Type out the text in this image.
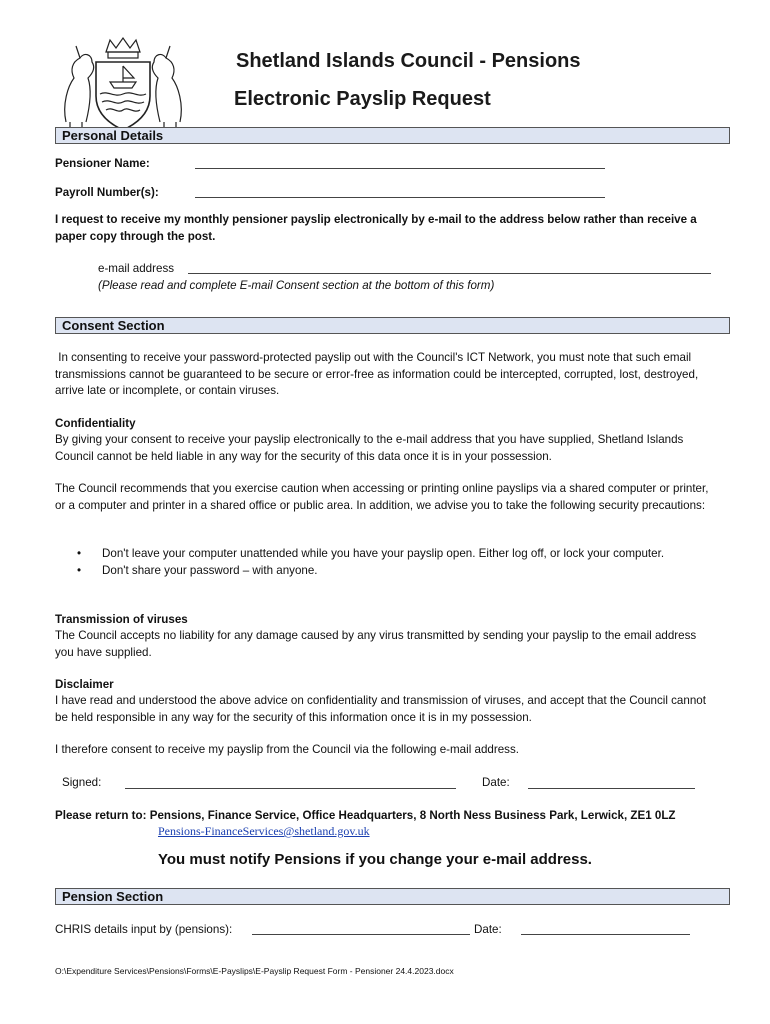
Shetland Islands Council - Pensions
Electronic Payslip Request
Personal Details
Pensioner Name:
Payroll Number(s):
I request to receive my monthly pensioner payslip electronically by e-mail to the address below rather than receive a paper copy through the post.
e-mail address
(Please read and complete E-mail Consent section at the bottom of this form)
Consent Section
In consenting to receive your password-protected payslip out with the Council's ICT Network, you must note that such email transmissions cannot be guaranteed to be secure or error-free as information could be intercepted, corrupted, lost, destroyed, arrive late or incomplete, or contain viruses.
Confidentiality
By giving your consent to receive your payslip electronically to the e-mail address that you have supplied, Shetland Islands Council cannot be held liable in any way for the security of this data once it is in your possession.
The Council recommends that you exercise caution when accessing or printing online payslips via a shared computer or printer, or a computer and printer in a shared office or public area. In addition, we advise you to take the following security precautions:
• Don't leave your computer unattended while you have your payslip open. Either log off, or lock your computer.
• Don't share your password – with anyone.
Transmission of viruses
The Council accepts no liability for any damage caused by any virus transmitted by sending your payslip to the email address you have supplied.
Disclaimer
I have read and understood the above advice on confidentiality and transmission of viruses, and accept that the Council cannot be held responsible in any way for the security of this information once it is in my possession.
I therefore consent to receive my payslip from the Council via the following e-mail address.
Signed:	Date:
Please return to: Pensions, Finance Service, Office Headquarters, 8 North Ness Business Park, Lerwick, ZE1 0LZ
Pensions-FinanceServices@shetland.gov.uk
You must notify Pensions if you change your e-mail address.
Pension Section
CHRIS details input by (pensions):	Date:
O:\Expenditure Services\Pensions\Forms\E-Payslips\E-Payslip Request Form - Pensioner 24.4.2023.docx
